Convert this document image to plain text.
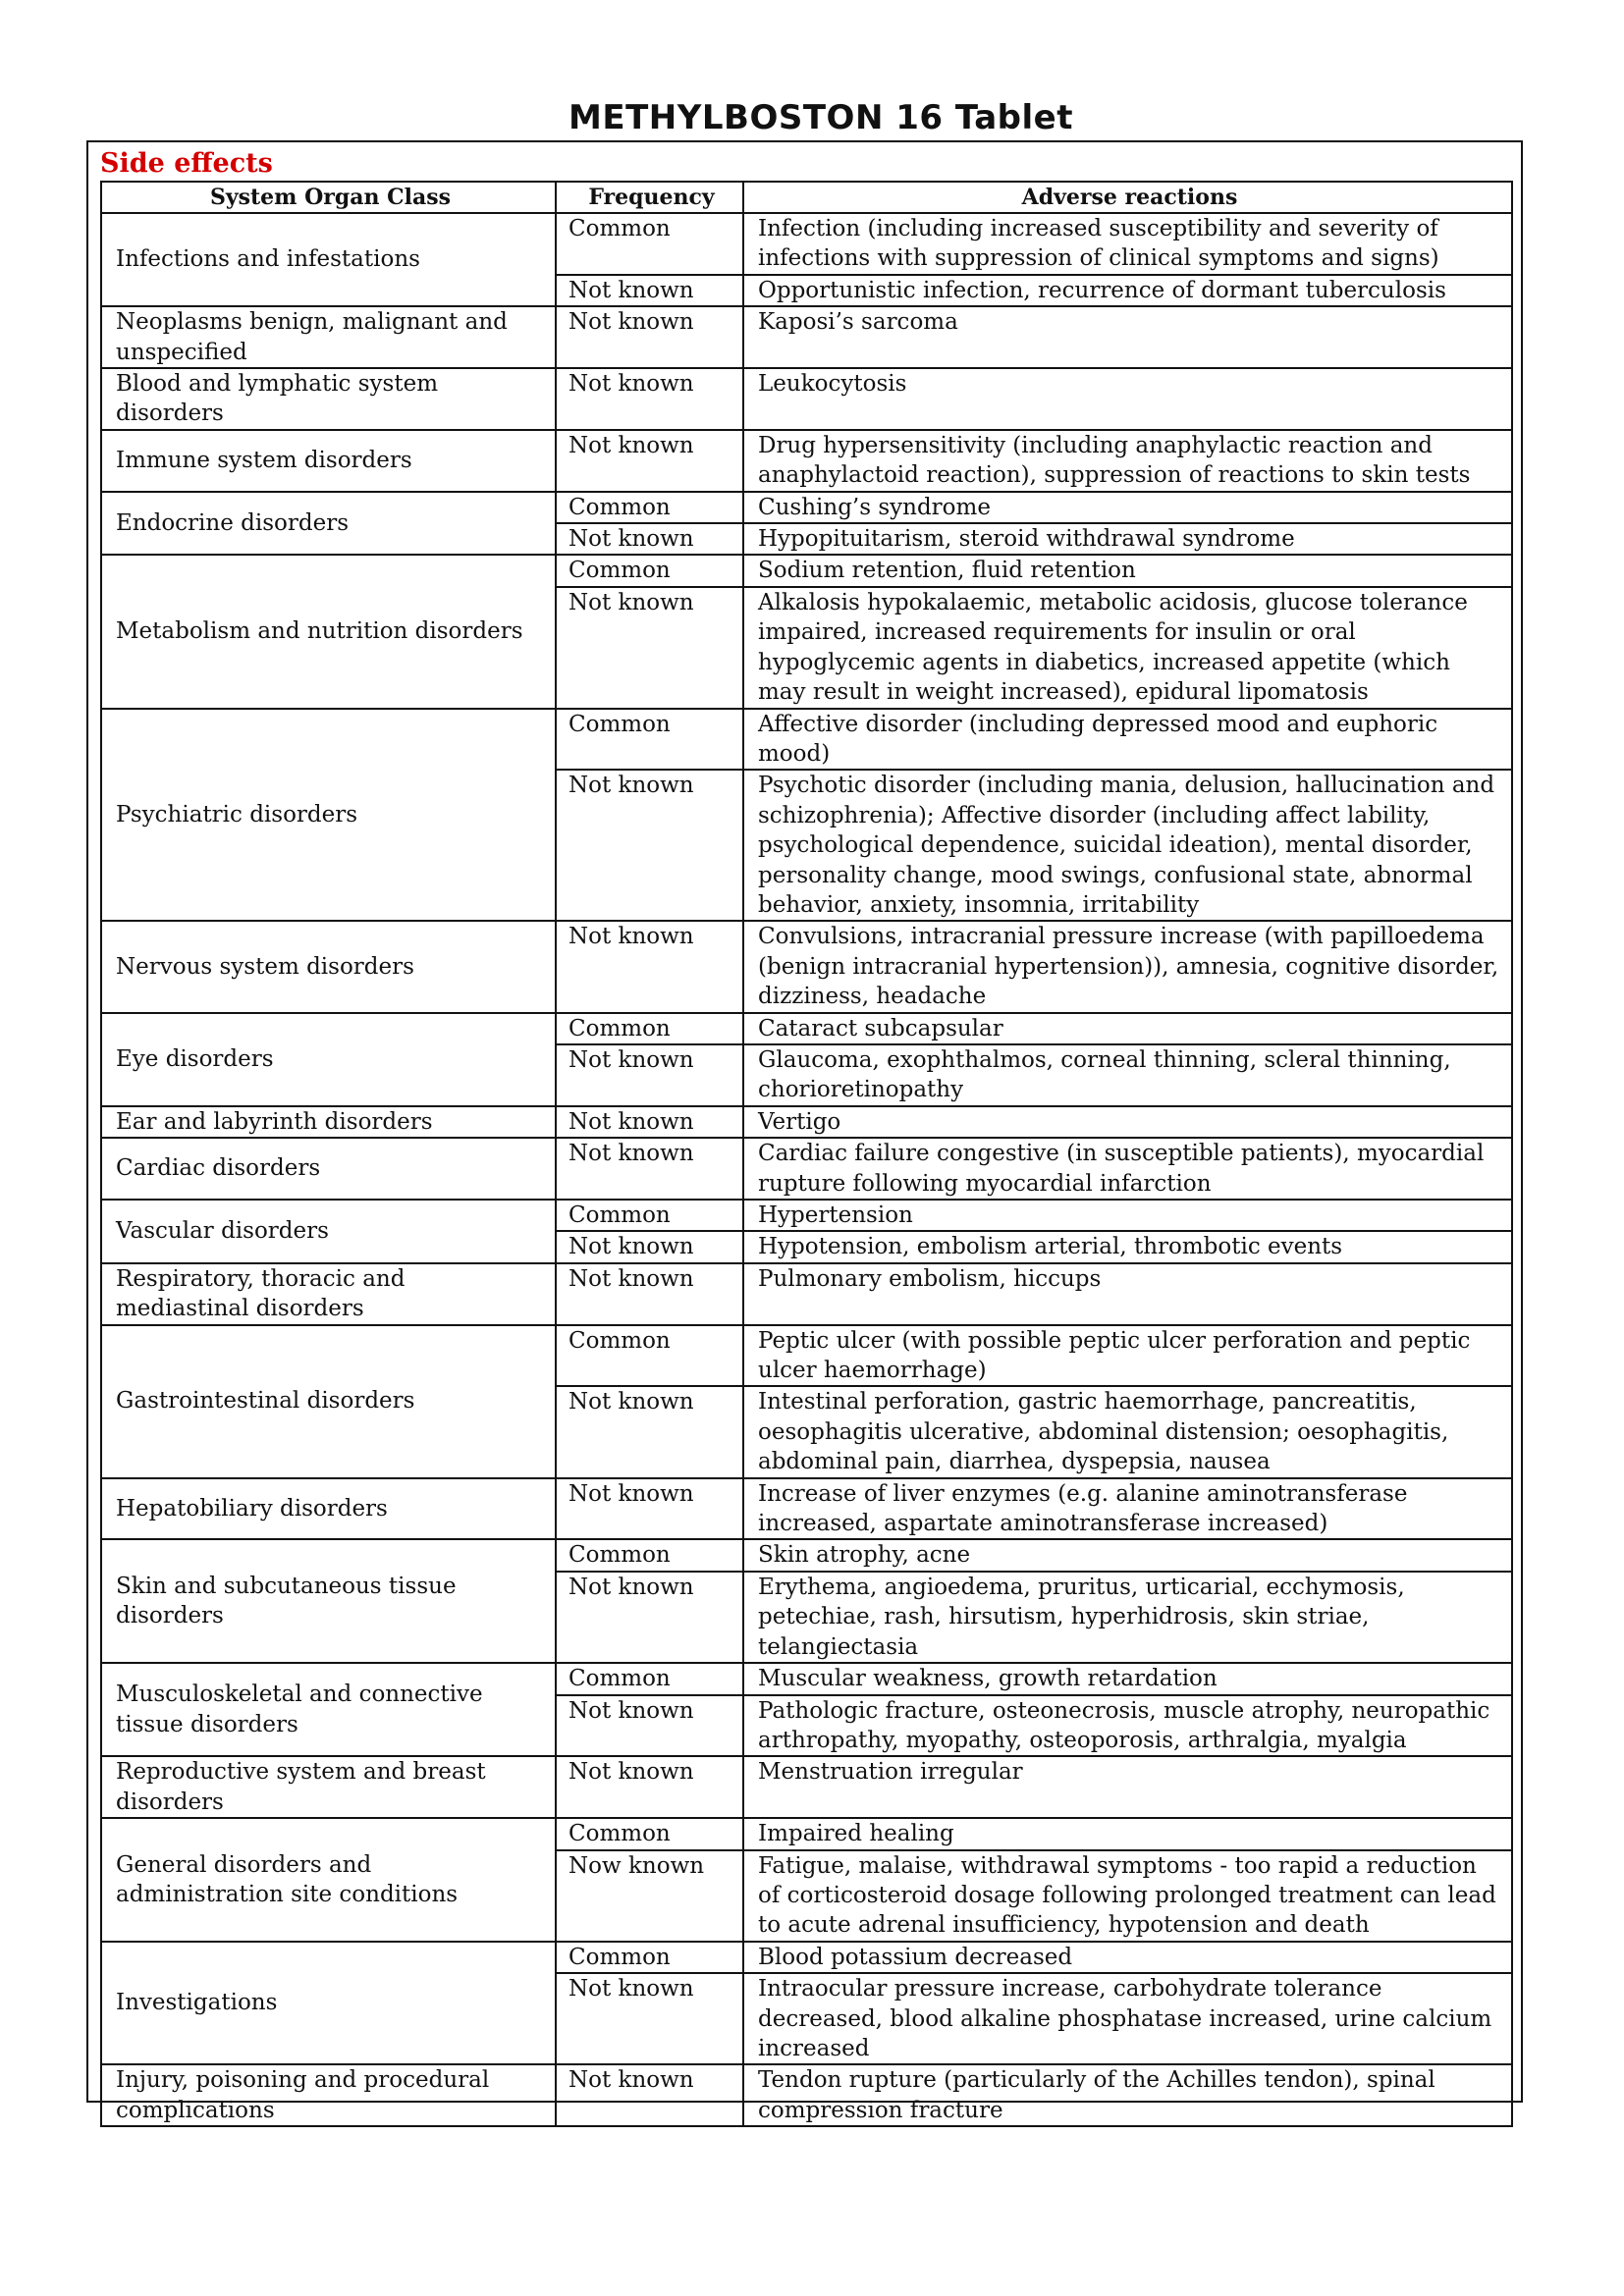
METHYLBOSTON 16 Tablet
Side effects
System Organ Class	Frequency	Adverse reactions
Infections and infestations	Common	Infection (including increased susceptibility and severity of infections with suppression of clinical symptoms and signs)
	Not known	Opportunistic infection, recurrence of dormant tuberculosis
Neoplasms benign, malignant and unspecified	Not known	Kaposi’s sarcoma
Blood and lymphatic system disorders	Not known	Leukocytosis
Immune system disorders	Not known	Drug hypersensitivity (including anaphylactic reaction and anaphylactoid reaction), suppression of reactions to skin tests
Endocrine disorders	Common	Cushing’s syndrome
	Not known	Hypopituitarism, steroid withdrawal syndrome
Metabolism and nutrition disorders	Common	Sodium retention, fluid retention
	Not known	Alkalosis hypokalaemic, metabolic acidosis, glucose tolerance impaired, increased requirements for insulin or oral hypoglycemic agents in diabetics, increased appetite (which may result in weight increased), epidural lipomatosis
Psychiatric disorders	Common	Affective disorder (including depressed mood and euphoric mood)
	Not known	Psychotic disorder (including mania, delusion, hallucination and schizophrenia); Affective disorder (including affect lability, psychological dependence, suicidal ideation), mental disorder, personality change, mood swings, confusional state, abnormal behavior, anxiety, insomnia, irritability
Nervous system disorders	Not known	Convulsions, intracranial pressure increase (with papilloedema (benign intracranial hypertension)), amnesia, cognitive disorder, dizziness, headache
Eye disorders	Common	Cataract subcapsular
	Not known	Glaucoma, exophthalmos, corneal thinning, scleral thinning, chorioretinopathy
Ear and labyrinth disorders	Not known	Vertigo
Cardiac disorders	Not known	Cardiac failure congestive (in susceptible patients), myocardial rupture following myocardial infarction
Vascular disorders	Common	Hypertension
	Not known	Hypotension, embolism arterial, thrombotic events
Respiratory, thoracic and mediastinal disorders	Not known	Pulmonary embolism, hiccups
Gastrointestinal disorders	Common	Peptic ulcer (with possible peptic ulcer perforation and peptic ulcer haemorrhage)
	Not known	Intestinal perforation, gastric haemorrhage, pancreatitis, oesophagitis ulcerative, abdominal distension; oesophagitis, abdominal pain, diarrhea, dyspepsia, nausea
Hepatobiliary disorders	Not known	Increase of liver enzymes (e.g. alanine aminotransferase increased, aspartate aminotransferase increased)
Skin and subcutaneous tissue disorders	Common	Skin atrophy, acne
	Not known	Erythema, angioedema, pruritus, urticarial, ecchymosis, petechiae, rash, hirsutism, hyperhidrosis, skin striae, telangiectasia
Musculoskeletal and connective tissue disorders	Common	Muscular weakness, growth retardation
	Not known	Pathologic fracture, osteonecrosis, muscle atrophy, neuropathic arthropathy, myopathy, osteoporosis, arthralgia, myalgia
Reproductive system and breast disorders	Not known	Menstruation irregular
General disorders and administration site conditions	Common	Impaired healing
	Now known	Fatigue, malaise, withdrawal symptoms - too rapid a reduction of corticosteroid dosage following prolonged treatment can lead to acute adrenal insufficiency, hypotension and death
Investigations	Common	Blood potassium decreased
	Not known	Intraocular pressure increase, carbohydrate tolerance decreased, blood alkaline phosphatase increased, urine calcium increased
Injury, poisoning and procedural complications	Not known	Tendon rupture (particularly of the Achilles tendon), spinal compression fracture
